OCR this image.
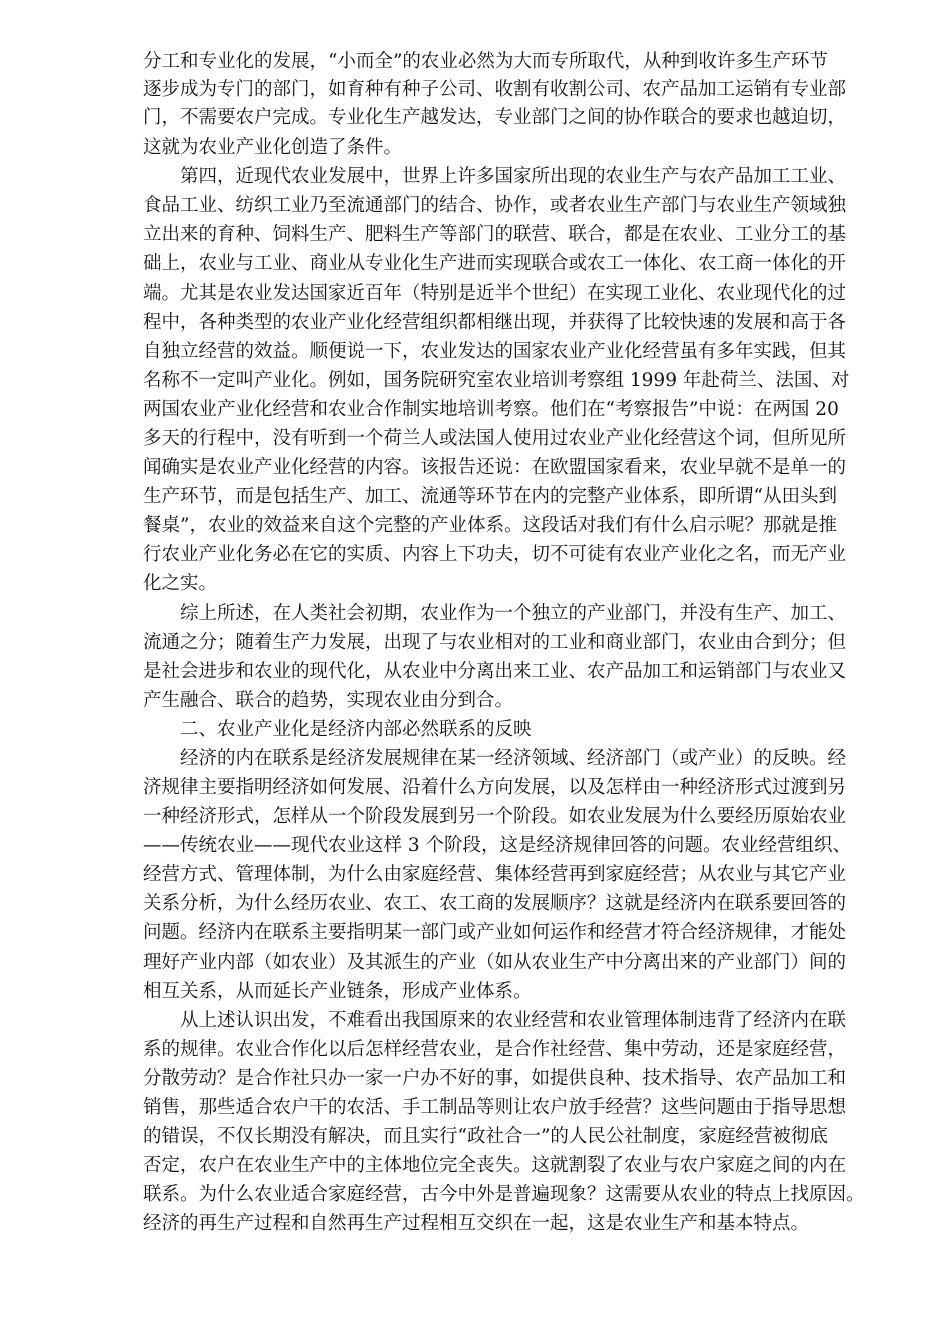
分工和专业化的发展，“小而全”的农业必然为大而专所取代，从种到收许多生产环节
逐步成为专门的部门，如育种有种子公司、收割有收割公司、农产品加工运销有专业部
门，不需要农户完成。专业化生产越发达，专业部门之间的协作联合的要求也越迫切，
这就为农业产业化创造了条件。
第四，近现代农业发展中，世界上许多国家所出现的农业生产与农产品加工工业、
食品工业、纺织工业乃至流通部门的结合、协作，或者农业生产部门与农业生产领域独
立出来的育种、饲料生产、肥料生产等部门的联营、联合，都是在农业、工业分工的基
础上，农业与工业、商业从专业化生产进而实现联合或农工一体化、农工商一体化的开
端。尤其是农业发达国家近百年（特别是近半个世纪）在实现工业化、农业现代化的过
程中，各种类型的农业产业化经营组织都相继出现，并获得了比较快速的发展和高于各
自独立经营的效益。顺便说一下，农业发达的国家农业产业化经营虽有多年实践，但其
名称不一定叫产业化。例如，国务院研究室农业培训考察组 1999 年赴荷兰、法国、对
两国农业产业化经营和农业合作制实地培训考察。他们在“考察报告”中说：在两国 20
多天的行程中，没有听到一个荷兰人或法国人使用过农业产业化经营这个词，但所见所
闻确实是农业产业化经营的内容。该报告还说：在欧盟国家看来，农业早就不是单一的
生产环节，而是包括生产、加工、流通等环节在内的完整产业体系，即所谓“从田头到
餐桌”，农业的效益来自这个完整的产业体系。这段话对我们有什么启示呢？那就是推
行农业产业化务必在它的实质、内容上下功夫，切不可徒有农业产业化之名，而无产业
化之实。
综上所述，在人类社会初期，农业作为一个独立的产业部门，并没有生产、加工、
流通之分；随着生产力发展，出现了与农业相对的工业和商业部门，农业由合到分；但
是社会进步和农业的现代化，从农业中分离出来工业、农产品加工和运销部门与农业又
产生融合、联合的趋势，实现农业由分到合。
二、农业产业化是经济内部必然联系的反映
经济的内在联系是经济发展规律在某一经济领域、经济部门（或产业）的反映。经
济规律主要指明经济如何发展、沿着什么方向发展，以及怎样由一种经济形式过渡到另
一种经济形式，怎样从一个阶段发展到另一个阶段。如农业发展为什么要经历原始农业
——传统农业——现代农业这样 3 个阶段，这是经济规律回答的问题。农业经营组织、
经营方式、管理体制，为什么由家庭经营、集体经营再到家庭经营；从农业与其它产业
关系分析，为什么经历农业、农工、农工商的发展顺序？这就是经济内在联系要回答的
问题。经济内在联系主要指明某一部门或产业如何运作和经营才符合经济规律，才能处
理好产业内部（如农业）及其派生的产业（如从农业生产中分离出来的产业部门）间的
相互关系，从而延长产业链条，形成产业体系。
从上述认识出发，不难看出我国原来的农业经营和农业管理体制违背了经济内在联
系的规律。农业合作化以后怎样经营农业，是合作社经营、集中劳动，还是家庭经营，
分散劳动？是合作社只办一家一户办不好的事，如提供良种、技术指导、农产品加工和
销售，那些适合农户干的农活、手工制品等则让农户放手经营？这些问题由于指导思想
的错误，不仅长期没有解决，而且实行“政社合一”的人民公社制度，家庭经营被彻底
否定，农户在农业生产中的主体地位完全丧失。这就割裂了农业与农户家庭之间的内在
联系。为什么农业适合家庭经营，古今中外是普遍现象？这需要从农业的特点上找原因。
经济的再生产过程和自然再生产过程相互交织在一起，这是农业生产和基本特点。
